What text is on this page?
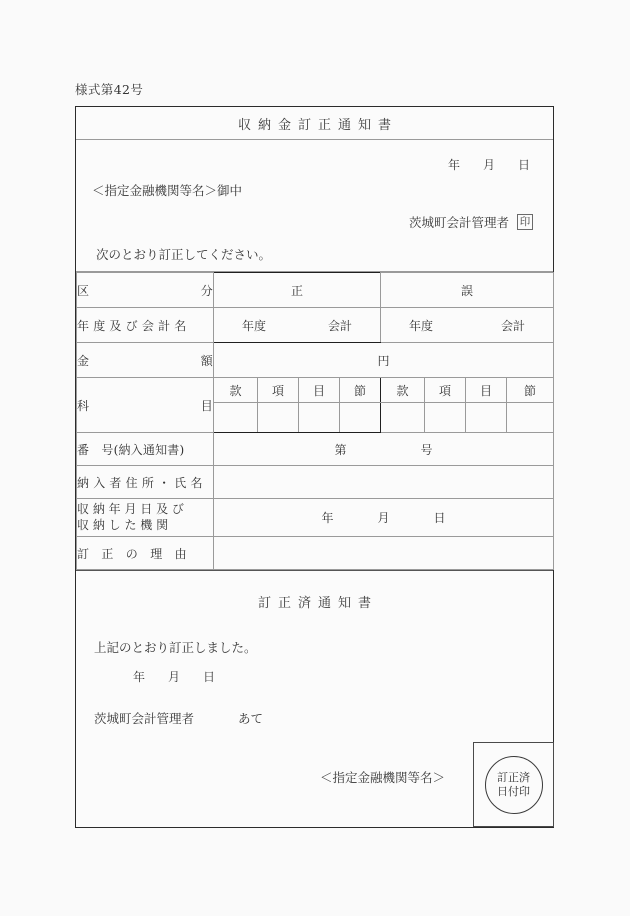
様式第42号
収納金訂正通知書
年 月 日
＜指定金融機関等名＞御中
茨城町会計管理者 印
次のとおり訂正してください。
区 分	正				誤			
年 度 及 び 会 計 名	年度 会計				年度 会計			

金 額	円							

科 目	款	項	目	節	款	項	目	節

番　号(納入通知書)	第 号							

納 入 者 住 所 ・ 氏 名								

収 納 年 月 日 及 び
収 納 し た 機 関	年	月	日

訂　正　の　理　由								
訂正済通知書
上記のとおり訂正しました。
年 月 日
茨城町会計管理者	あて
＜指定金融機関等名＞	訂正済
日付印
